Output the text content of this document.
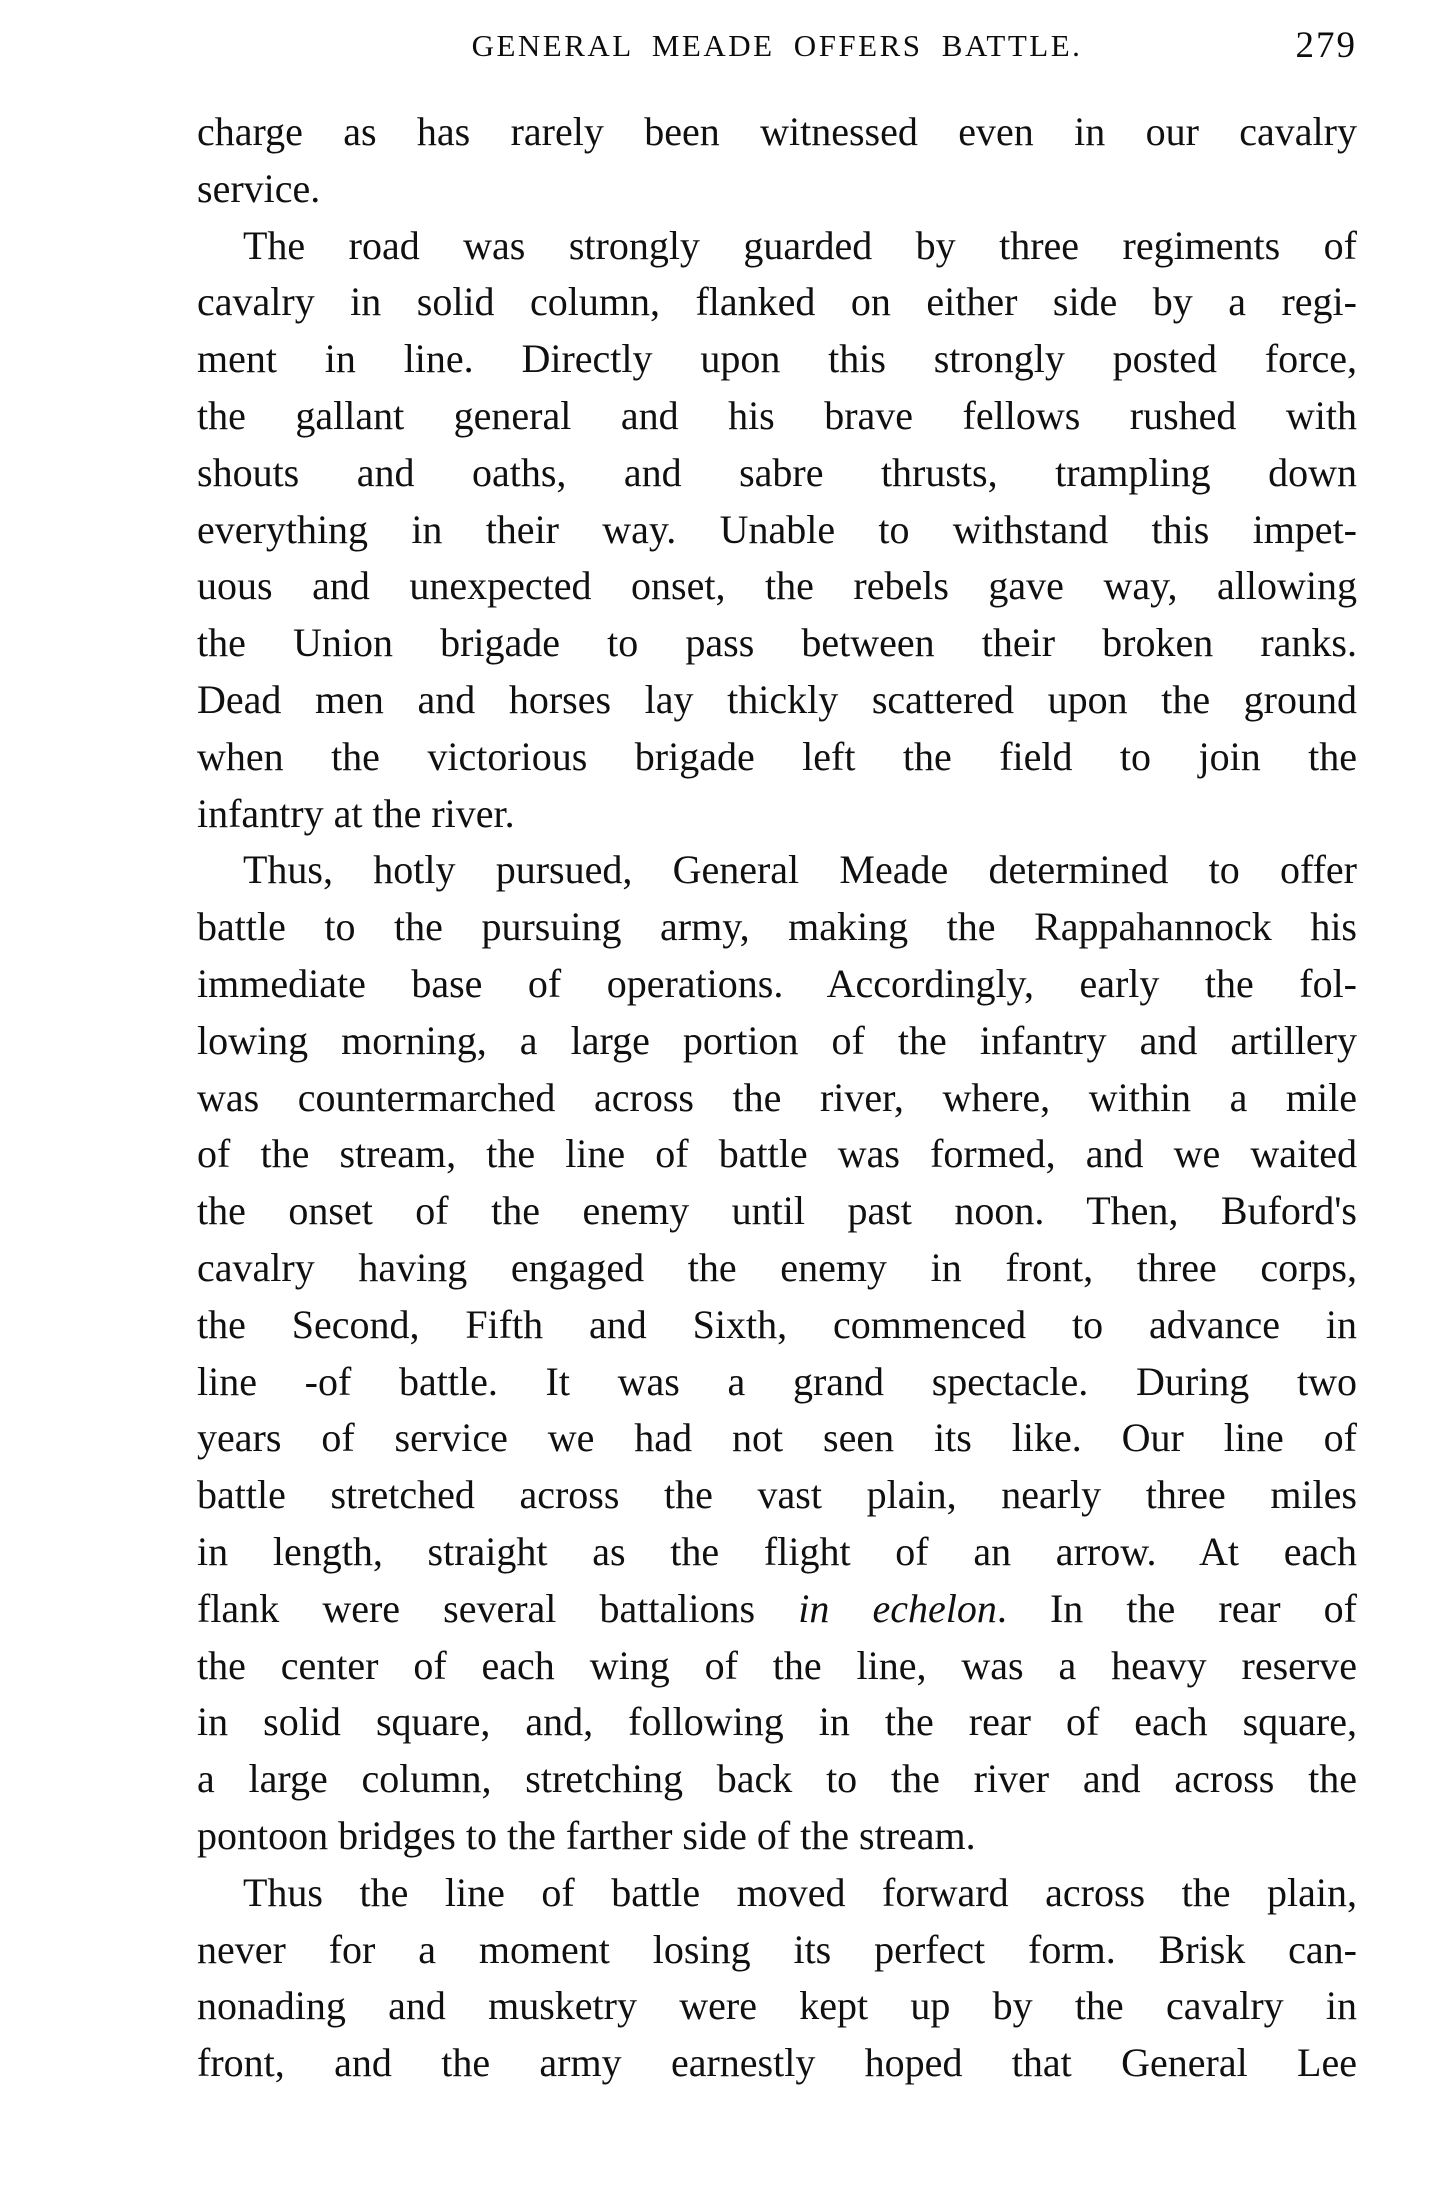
GENERAL MEADE OFFERS BATTLE.	279
charge as has rarely been witnessed even in our cavalry
service.
The road was strongly guarded by three regiments of
cavalry in solid column, flanked on either side by a regi-
ment in line. Directly upon this strongly posted force,
the gallant general and his brave fellows rushed with
shouts and oaths, and sabre thrusts, trampling down
everything in their way. Unable to withstand this impet-
uous and unexpected onset, the rebels gave way, allowing
the Union brigade to pass between their broken ranks.
Dead men and horses lay thickly scattered upon the ground
when the victorious brigade left the field to join the
infantry at the river.
Thus, hotly pursued, General Meade determined to offer
battle to the pursuing army, making the Rappahannock his
immediate base of operations. Accordingly, early the fol-
lowing morning, a large portion of the infantry and artillery
was countermarched across the river, where, within a mile
of the stream, the line of battle was formed, and we waited
the onset of the enemy until past noon. Then, Buford's
cavalry having engaged the enemy in front, three corps,
the Second, Fifth and Sixth, commenced to advance in
line -of battle. It was a grand spectacle. During two
years of service we had not seen its like. Our line of
battle stretched across the vast plain, nearly three miles
in length, straight as the flight of an arrow. At each
flank were several battalions in echelon. In the rear of
the center of each wing of the line, was a heavy reserve
in solid square, and, following in the rear of each square,
a large column, stretching back to the river and across the
pontoon bridges to the farther side of the stream.
Thus the line of battle moved forward across the plain,
never for a moment losing its perfect form. Brisk can-
nonading and musketry were kept up by the cavalry in
front, and the army earnestly hoped that General Lee
